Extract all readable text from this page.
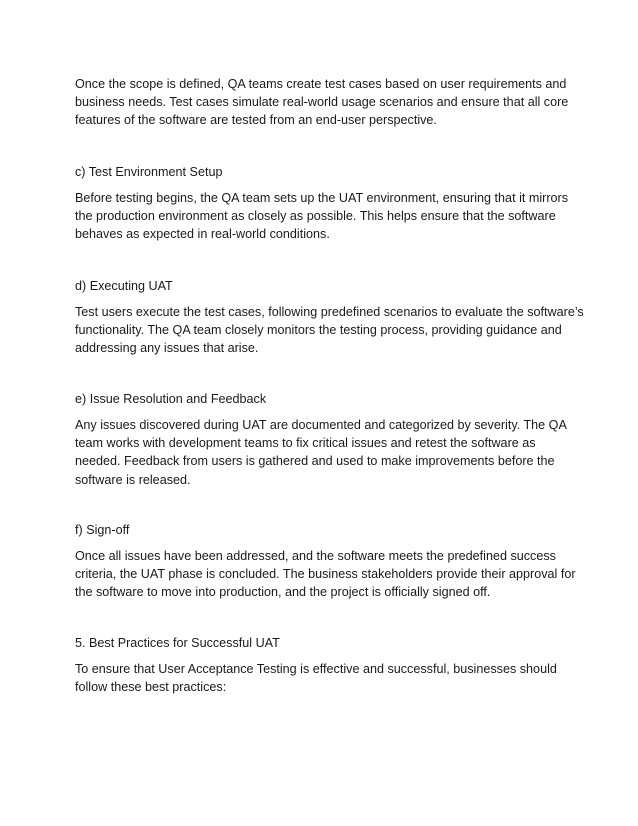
Once the scope is defined, QA teams create test cases based on user requirements and
business needs. Test cases simulate real-world usage scenarios and ensure that all core
features of the software are tested from an end-user perspective.

c) Test Environment Setup

Before testing begins, the QA team sets up the UAT environment, ensuring that it mirrors
the production environment as closely as possible. This helps ensure that the software
behaves as expected in real-world conditions.

d) Executing UAT

Test users execute the test cases, following predefined scenarios to evaluate the software’s
functionality. The QA team closely monitors the testing process, providing guidance and
addressing any issues that arise.

e) Issue Resolution and Feedback

Any issues discovered during UAT are documented and categorized by severity. The QA
team works with development teams to fix critical issues and retest the software as
needed. Feedback from users is gathered and used to make improvements before the
software is released.

f) Sign-off

Once all issues have been addressed, and the software meets the predefined success
criteria, the UAT phase is concluded. The business stakeholders provide their approval for
the software to move into production, and the project is officially signed off.

5. Best Practices for Successful UAT

To ensure that User Acceptance Testing is effective and successful, businesses should
follow these best practices:
